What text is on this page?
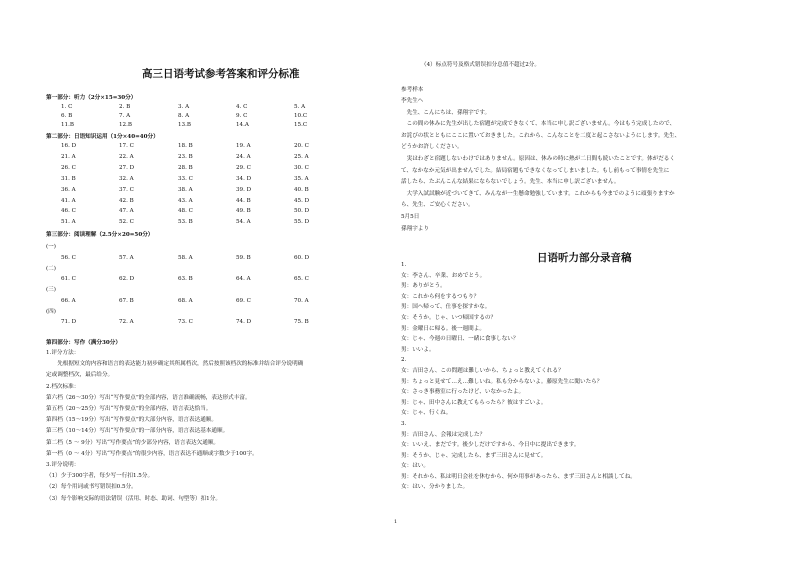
高三日语考试参考答案和评分标准
第一部分：听力（2分×15=30分）
1. C	2. B	3. A	4. C	5. A
6. B	7. A	8. A	9. C	10.C
11.B	12.B	13.B	14.A	15.C
第二部分：日语知识运用（1分×40=40分）
16. D	17. C	18. B	19. A	20. C
21. A	22. A	23. B	24. A	25. A
26. C	27. D	28. B	29. C	30. C
31. B	32. A	33. C	34. D	35. A
36. A	37. C	38. A	39. D	40. B
41. A	42. B	43. A	44. B	45. D
46. C	47. A	48. C	49. B	50. D
51. A	52. C	53. B	54. A	55. D
第三部分：阅读理解（2.5分×20=50分）
(一)
56. C	57. A	58. A	59. B	60. D
(二)
61. C	62. D	63. B	64. A	65. C
(三)
66. A	67. B	68. A	69. C	70. A
(四)
71. D	72. A	73. C	74. D	75. B
第四部分：写作（满分30分）
1.评分方法：
　　先根据短文的内容和语言的表达能力初步确定其所属档次，然后按照该档次的标准并结合评分说明确
定或调整档次，最后给分。
2.档次标准：
第六档（26～30分）写出“写作要点”的全部内容，语言准确流畅，表达形式丰富。
第五档（20～25分）写出“写作要点”的全部内容，语言表达恰当。
第四档（15～19分）写出“写作要点”的大部分内容，语言表达通顺。
第三档（10～14分）写出“写作要点”的一部分内容，语言表达基本通顺。
第二档（5 ～ 9分）写出“写作要点”的少部分内容，语言表达欠通顺。
第一档（0 ～ 4分）写出“写作要点”的很少内容，语言表达不通顺或字数少于100字。
3.评分说明：
（1）少于300字者，每少写一行扣1.5分。
（2）每个用词或书写错误扣0.5分。
（3）每个影响交际的语法错误（活用、时态、助词、句型等）扣1分。
（4）标点符号及格式错误扣分总值不超过2分。
参考样本
李先生へ
　先生、こんにちは、孫翔宇です。
　この間の休みに先生が出した宿題が完成できなくて、本当に申し訳ございません。今はもう完成したので、
お詫びの状とともにここに置いておきました。これから、こんなことを二度と起こさないようにします。先生、
どうかお許しください。
　実はわざと宿題しないわけではありません。原因は、休みの時に熱が二日間も続いたことです。体がだるく
て、なかなか元気が出ませんでした。結局宿題もできなくなってしまいました。もし前もって事情を先生に
話したら、たぶんこんな結果にならないでしょう。先生、本当に申し訳ございません。
　大学入試試験が近づいてきて、みんなが一生懸命勉強しています。これからも今までのように頑張りますか
ら、先生、ご安心ください。
5月5日
孫翔宇より
日语听力部分录音稿
1．
女：李さん、卒業、おめでとう。
男：ありがとう。
女：これから何をするつもり？
男：国へ帰って、仕事を探すかな。
女：そうか。じゃ、いつ帰国するの？
男：金曜日に帰る。後一週間よ。
女：じゃ、今週の日曜日、一緒に食事しない？
男：いいよ。
2．
女：吉田さん、この問題は難しいから、ちょっと教えてくれる？
男：ちょっと見せて…え…難しいね。私も分からないよ。藤原先生に聞いたら？
女：さっき事務室に行ったけど、いなかったよ。
男：じゃ、田中さんに教えてもらったら？彼はすごいよ。
女：じゃ、行くね。
3．
男：吉田さん、会報は完成した？
女：いいえ、まだです。後少しだけですから、今日中に提出できます。
男：そうか、じゃ、完成したら、まず三田さんに見せて。
女：はい。
男：それから、私は明日会社を休むから、何か用事があったら、まず三田さんと相談してね。
女：はい、分かりました。
1
